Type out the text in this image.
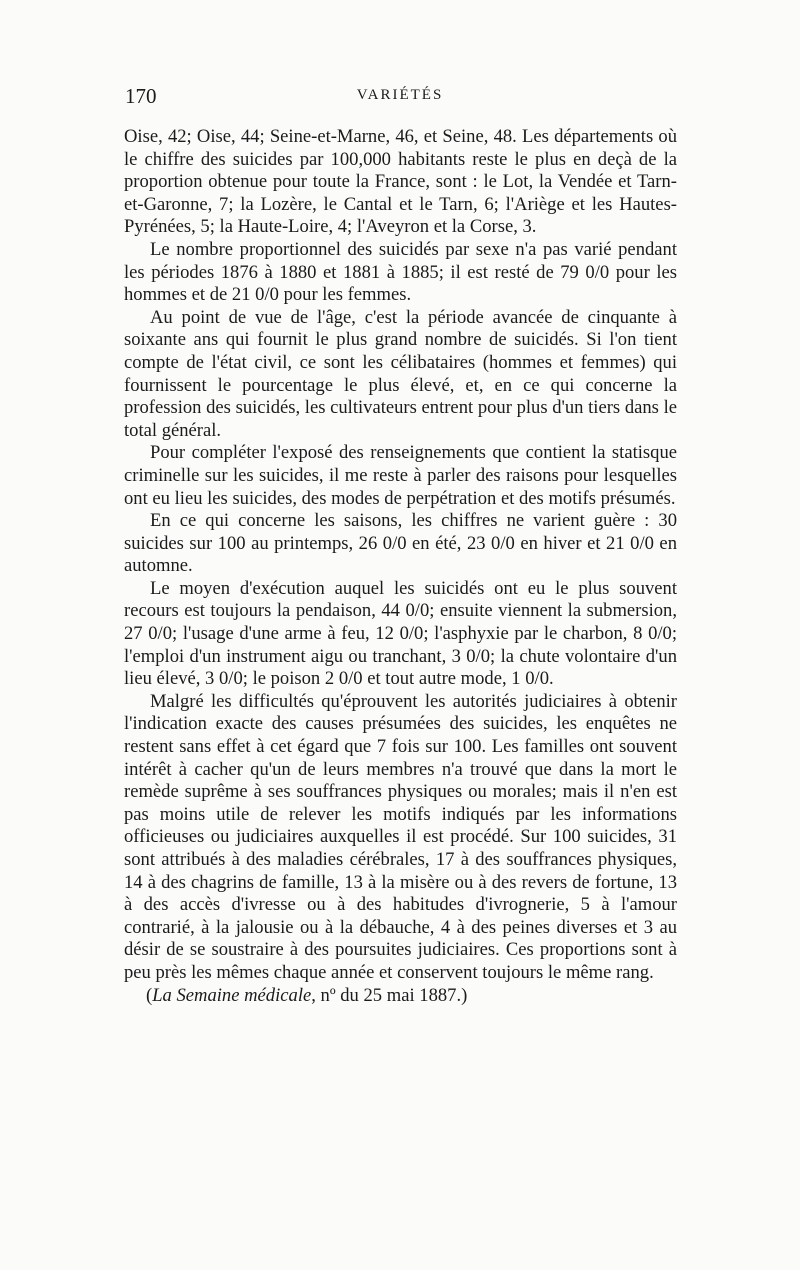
170	VARIÉTÉS

Oise, 42; Oise, 44; Seine-et-Marne, 46, et Seine, 48. Les départements où le chiffre des suicides par 100,000 habitants reste le plus en deçà de la proportion obtenue pour toute la France, sont : le Lot, la Vendée et Tarn-et-Garonne, 7; la Lozère, le Cantal et le Tarn, 6; l'Ariège et les Hautes-Pyrénées, 5; la Haute-Loire, 4; l'Aveyron et la Corse, 3.

Le nombre proportionnel des suicidés par sexe n'a pas varié pendant les périodes 1876 à 1880 et 1881 à 1885; il est resté de 79 0/0 pour les hommes et de 21 0/0 pour les femmes.

Au point de vue de l'âge, c'est la période avancée de cinquante à soixante ans qui fournit le plus grand nombre de suicidés. Si l'on tient compte de l'état civil, ce sont les célibataires (hommes et femmes) qui fournissent le pourcentage le plus élevé, et, en ce qui concerne la profession des suicidés, les cultivateurs entrent pour plus d'un tiers dans le total général.

Pour compléter l'exposé des renseignements que contient la statisque criminelle sur les suicides, il me reste à parler des raisons pour lesquelles ont eu lieu les suicides, des modes de perpétration et des motifs présumés.

En ce qui concerne les saisons, les chiffres ne varient guère : 30 suicides sur 100 au printemps, 26 0/0 en été, 23 0/0 en hiver et 21 0/0 en automne.

Le moyen d'exécution auquel les suicidés ont eu le plus souvent recours est toujours la pendaison, 44 0/0; ensuite viennent la submersion, 27 0/0; l'usage d'une arme à feu, 12 0/0; l'asphyxie par le charbon, 8 0/0; l'emploi d'un instrument aigu ou tranchant, 3 0/0; la chute volontaire d'un lieu élevé, 3 0/0; le poison 2 0/0 et tout autre mode, 1 0/0.

Malgré les difficultés qu'éprouvent les autorités judiciaires à obtenir l'indication exacte des causes présumées des suicides, les enquêtes ne restent sans effet à cet égard que 7 fois sur 100. Les familles ont souvent intérêt à cacher qu'un de leurs membres n'a trouvé que dans la mort le remède suprême à ses souffrances physiques ou morales; mais il n'en est pas moins utile de relever les motifs indiqués par les informations officieuses ou judiciaires auxquelles il est procédé. Sur 100 suicides, 31 sont attribués à des maladies cérébrales, 17 à des souffrances physiques, 14 à des chagrins de famille, 13 à la misère ou à des revers de fortune, 13 à des accès d'ivresse ou à des habitudes d'ivrognerie, 5 à l'amour contrarié, à la jalousie ou à la débauche, 4 à des peines diverses et 3 au désir de se soustraire à des poursuites judiciaires. Ces proportions sont à peu près les mêmes chaque année et conservent toujours le même rang.

(La Semaine médicale, nº du 25 mai 1887.)
